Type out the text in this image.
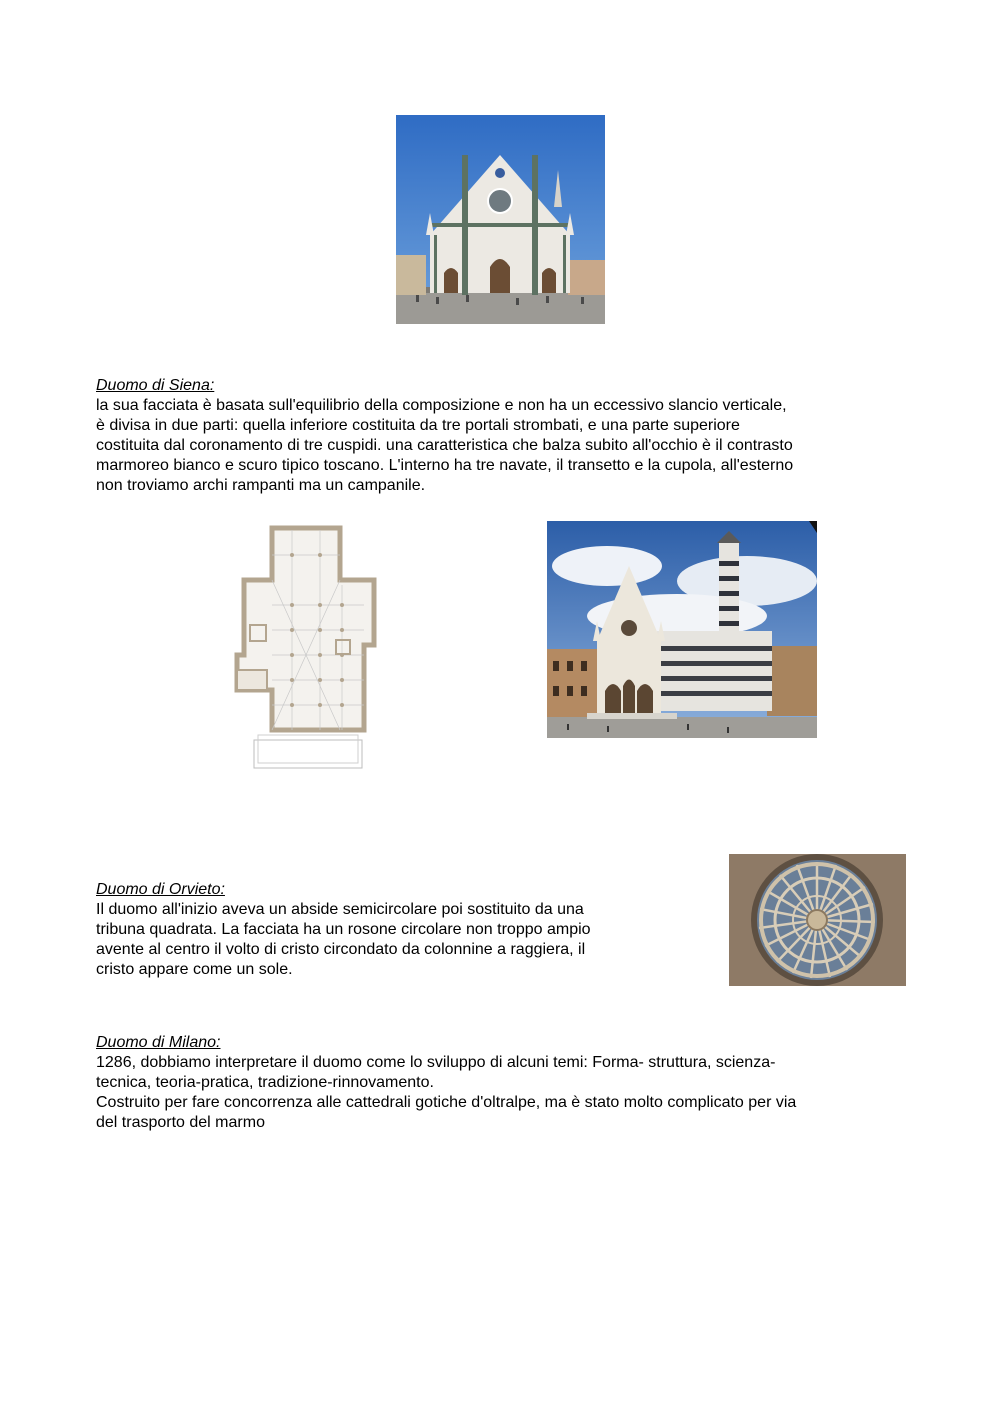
Duomo di Siena:
la sua facciata è basata sull'equilibrio della composizione e non ha un eccessivo slancio verticale,
è divisa in due parti: quella inferiore costituita da tre portali strombati, e una parte superiore
costituita dal coronamento di tre cuspidi. una caratteristica che balza subito all'occhio è il contrasto
marmoreo bianco e scuro tipico toscano. L'interno ha tre navate, il transetto e la cupola, all'esterno
non troviamo archi rampanti ma un campanile.
Duomo di Orvieto:
Il duomo all'inizio aveva un abside semicircolare poi sostituito da una
tribuna quadrata. La facciata ha un rosone circolare non troppo ampio
avente al centro il volto di cristo circondato da colonnine a raggiera, il
cristo appare come un sole.
Duomo di Milano:
1286, dobbiamo interpretare il duomo come lo sviluppo di alcuni temi: Forma- struttura, scienza-
tecnica, teoria-pratica, tradizione-rinnovamento.
Costruito per fare concorrenza alle cattedrali gotiche d'oltralpe, ma è stato molto complicato per via
del trasporto del marmo
